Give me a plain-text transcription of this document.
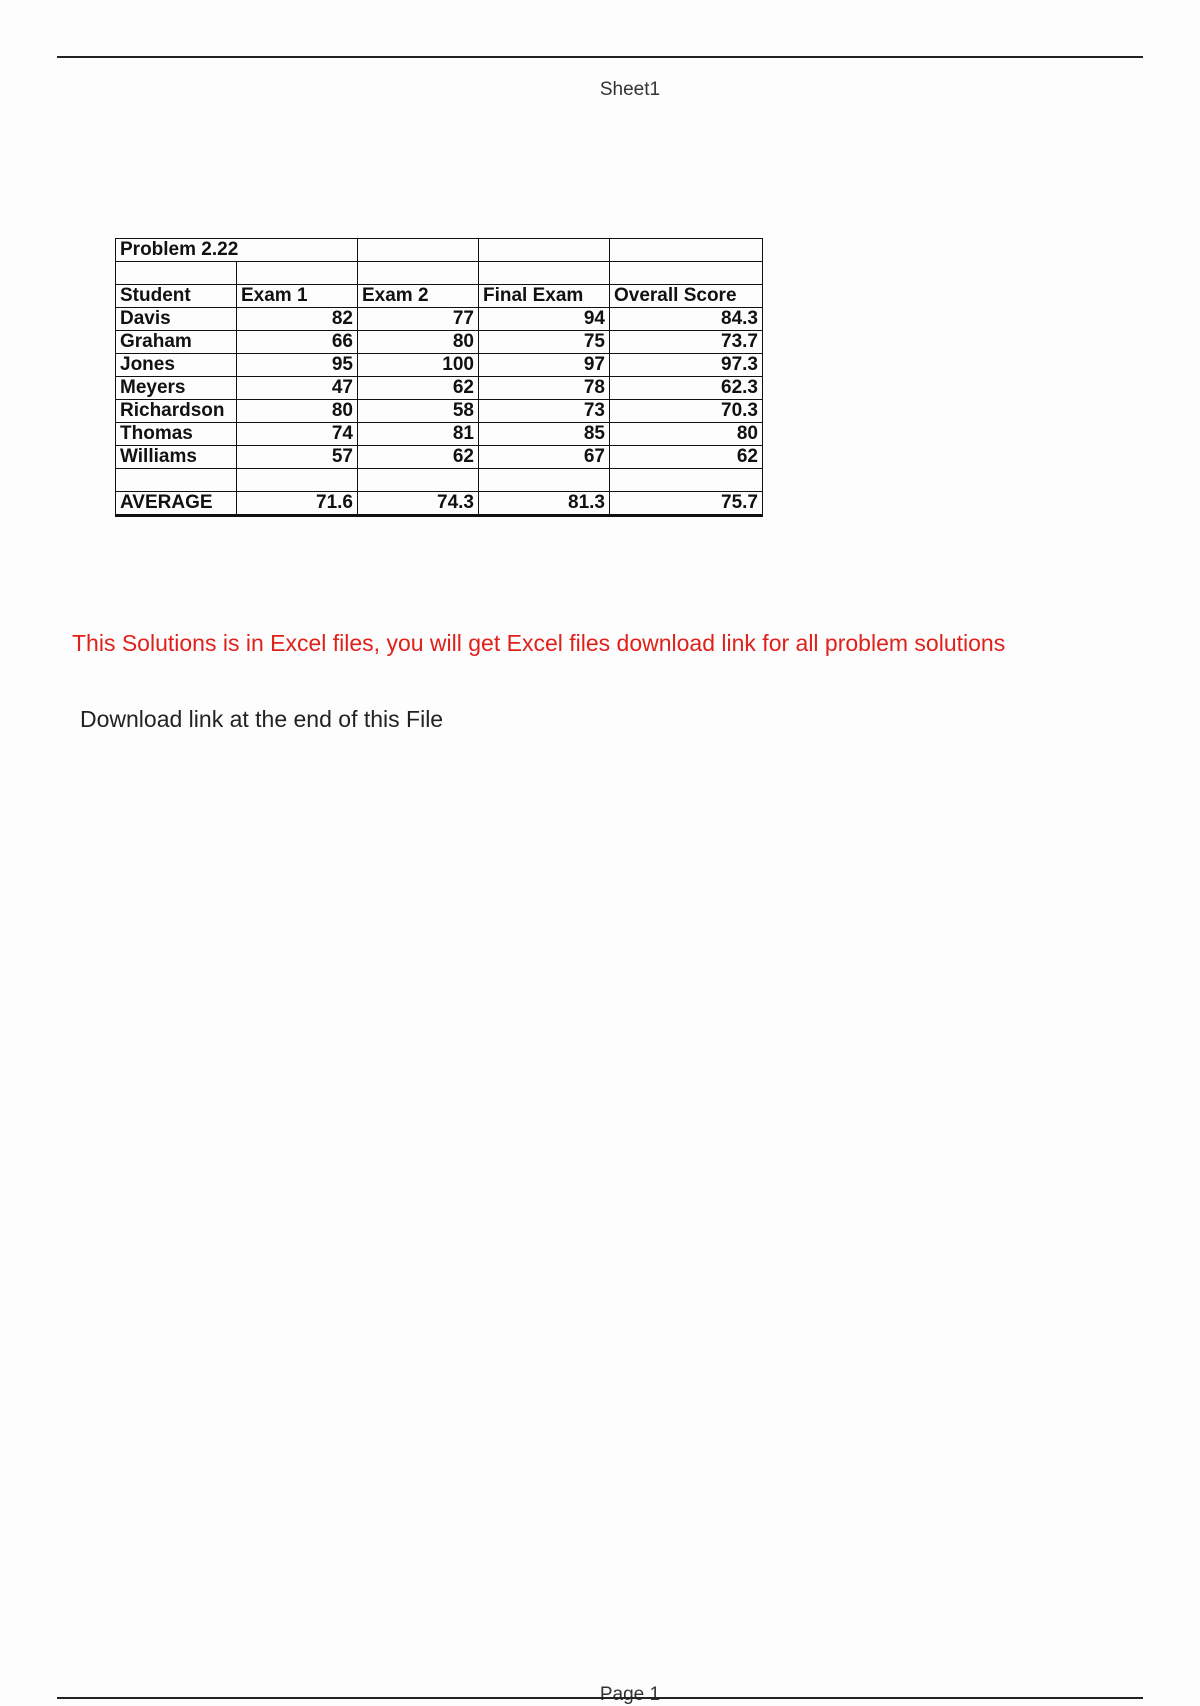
Sheet1
Problem 2.22				

Student	Exam 1	Exam 2	Final Exam	Overall Score
Davis	82	77	94	84.3
Graham	66	80	75	73.7
Jones	95	100	97	97.3
Meyers	47	62	78	62.3
Richardson	80	58	73	70.3
Thomas	74	81	85	80
Williams	57	62	67	62

AVERAGE	71.6	74.3	81.3	75.7
This Solutions is in Excel files, you will get Excel files download link for all problem solutions
Download link at the end of this File
Page 1
